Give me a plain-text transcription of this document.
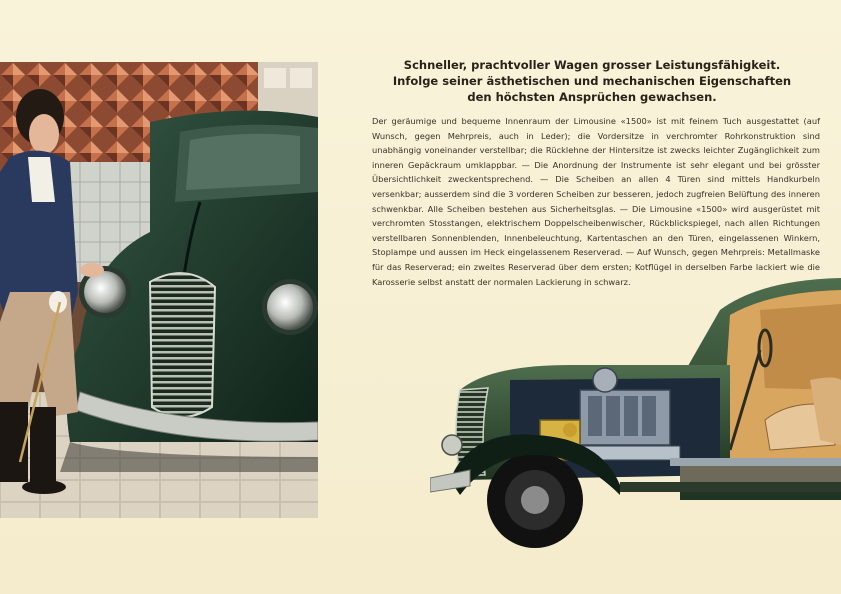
Schneller, prachtvoller Wagen grosser Leistungsfähigkeit.
Infolge seiner ästhetischen und mechanischen Eigenschaften
den höchsten Ansprüchen gewachsen.

Der geräumige und bequeme Innenraum der Limousine «1500» ist mit feinem Tuch ausgestattet (auf Wunsch, gegen Mehrpreis, auch in Leder); die Vordersitze in verchromter Rohrkonstruktion sind unabhängig voneinander verstellbar; die Rücklehne der Hintersitze ist zwecks leichter Zugänglichkeit zum inneren Gepäckraum umklappbar. — Die Anordnung der Instrumente ist sehr elegant und bei grösster Übersichtlichkeit zweckentsprechend. — Die Scheiben an allen 4 Türen sind mittels Handkurbeln versenkbar; ausserdem sind die 3 vorderen Scheiben zur besseren, jedoch zugfreien Belüftung des inneren schwenkbar. Alle Scheiben bestehen aus Sicherheitsglas. — Die Limousine «1500» wird ausgerüstet mit verchromten Stosstangen, elektrischem Doppelscheibenwischer, Rückblickspiegel, nach allen Richtungen verstellbaren Sonnenblenden, Innenbeleuchtung, Kartentaschen an den Türen, eingelassenen Winkern, Stoplampe und aussen im Heck eingelassenem Reserverad. — Auf Wunsch, gegen Mehrpreis: Metallmaske für das Reserverad; ein zweites Reserverad über dem ersten; Kotflügel in derselben Farbe lackiert wie die Karosserie selbst anstatt der normalen Lackierung in schwarz.
